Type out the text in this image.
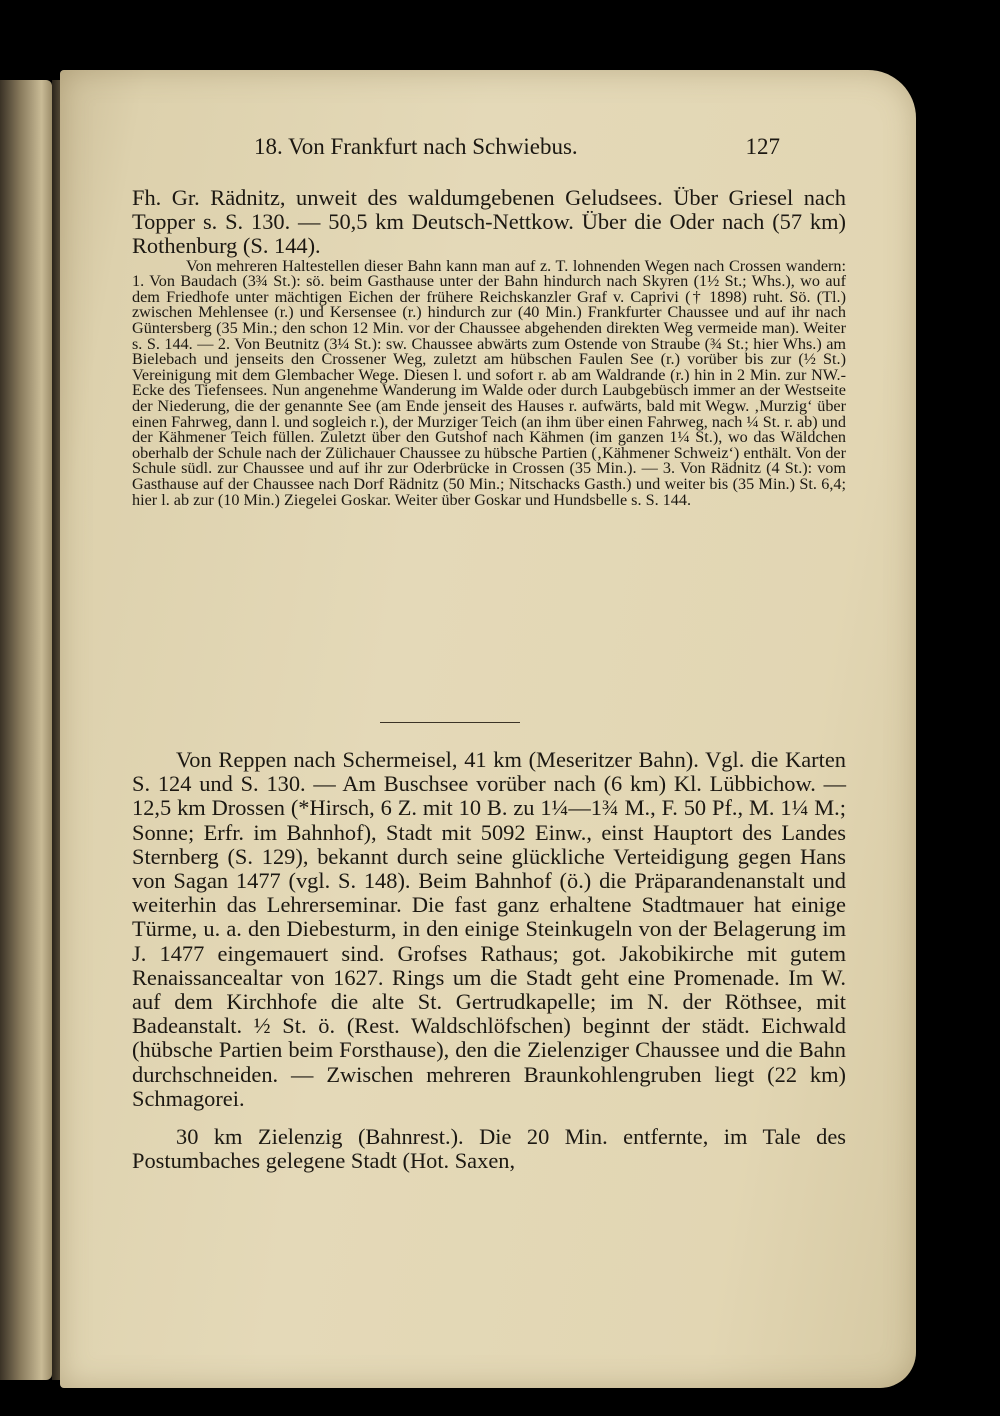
18. Von Frankfurt nach Schwiebus.	127

Fh. Gr. Rädnitz, unweit des waldumgebenen Geludsees. Über Griesel nach Topper s. S. 130. — 50,5 km Deutsch-Nettkow. Über die Oder nach (57 km) Rothenburg (S. 144).

Von mehreren Haltestellen dieser Bahn kann man auf z. T. lohnenden Wegen nach Crossen wandern: 1. Von Baudach (3¾ St.): sö. beim Gasthause unter der Bahn hindurch nach Skyren (1½ St.; Whs.), wo auf dem Friedhofe unter mächtigen Eichen der frühere Reichskanzler Graf v. Caprivi († 1898) ruht. Sö. (Tl.) zwischen Mehlensee (r.) und Kersensee (r.) hindurch zur (40 Min.) Frankfurter Chaussee und auf ihr nach Güntersberg (35 Min.; den schon 12 Min. vor der Chaussee abgehenden direkten Weg vermeide man). Weiter s. S. 144. — 2. Von Beutnitz (3¼ St.): sw. Chaussee abwärts zum Ostende von Straube (¾ St.; hier Whs.) am Bielebach und jenseits den Crossener Weg, zuletzt am hübschen Faulen See (r.) vorüber bis zur (½ St.) Vereinigung mit dem Glembacher Wege. Diesen l. und sofort r. ab am Waldrande (r.) hin in 2 Min. zur NW.-Ecke des Tiefensees. Nun angenehme Wanderung im Walde oder durch Laubgebüsch immer an der Westseite der Niederung, die der genannte See (am Ende jenseit des Hauses r. aufwärts, bald mit Wegw. ‚Murzig‘ über einen Fahrweg, dann l. und sogleich r.), der Murziger Teich (an ihm über einen Fahrweg, nach ¼ St. r. ab) und der Kähmener Teich füllen. Zuletzt über den Gutshof nach Kähmen (im ganzen 1¼ St.), wo das Wäldchen oberhalb der Schule nach der Zülichauer Chaussee zu hübsche Partien (‚Kähmener Schweiz‘) enthält. Von der Schule südl. zur Chaussee und auf ihr zur Oderbrücke in Crossen (35 Min.). — 3. Von Rädnitz (4 St.): vom Gasthause auf der Chaussee nach Dorf Rädnitz (50 Min.; Nitschacks Gasth.) und weiter bis (35 Min.) St. 6,4; hier l. ab zur (10 Min.) Ziegelei Goskar. Weiter über Goskar und Hundsbelle s. S. 144.

Von Reppen nach Schermeisel, 41 km (Meseritzer Bahn). Vgl. die Karten S. 124 und S. 130. — Am Buschsee vorüber nach (6 km) Kl. Lübbichow. — 12,5 km Drossen (*Hirsch, 6 Z. mit 10 B. zu 1¼—1¾ M., F. 50 Pf., M. 1¼ M.; Sonne; Erfr. im Bahnhof), Stadt mit 5092 Einw., einst Hauptort des Landes Sternberg (S. 129), bekannt durch seine glückliche Verteidigung gegen Hans von Sagan 1477 (vgl. S. 148). Beim Bahnhof (ö.) die Präparandenanstalt und weiterhin das Lehrerseminar. Die fast ganz erhaltene Stadtmauer hat einige Türme, u. a. den Diebesturm, in den einige Steinkugeln von der Belagerung im J. 1477 eingemauert sind. Grofses Rathaus; got. Jakobikirche mit gutem Renaissancealtar von 1627. Rings um die Stadt geht eine Promenade. Im W. auf dem Kirchhofe die alte St. Gertrudkapelle; im N. der Röthsee, mit Badeanstalt. ½ St. ö. (Rest. Waldschlöfschen) beginnt der städt. Eichwald (hübsche Partien beim Forsthause), den die Zielenziger Chaussee und die Bahn durchschneiden. — Zwischen mehreren Braunkohlengruben liegt (22 km) Schmagorei.

30 km Zielenzig (Bahnrest.). Die 20 Min. entfernte, im Tale des Postumbaches gelegene Stadt (Hot. Saxen,
